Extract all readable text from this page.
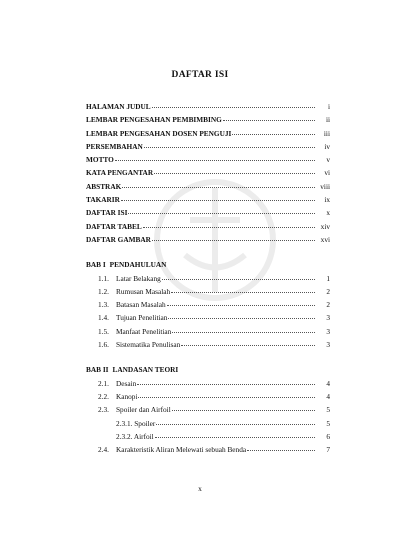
DAFTAR ISI
HALAMAN JUDUL	i
LEMBAR PENGESAHAN PEMBIMBING	ii
LEMBAR PENGESAHAN DOSEN PENGUJI	iii
PERSEMBAHAN	iv
MOTTO	v
KATA PENGANTAR	vi
ABSTRAK	viii
TAKARIR	ix
DAFTAR ISI	x
DAFTAR TABEL	xiv
DAFTAR GAMBAR	xvi
BAB I PENDAHULUAN
1.1. Latar Belakang	1
1.2. Rumusan Masalah	2
1.3. Batasan Masalah	2
1.4. Tujuan Penelitian	3
1.5. Manfaat Penelitian	3
1.6. Sistematika Penulisan	3
BAB II LANDASAN TEORI
2.1. Desain	4
2.2. Kanopi	4
2.3. Spoiler dan Airfoil	5
2.3.1. Spoiler	5
2.3.2. Airfoil	6
2.4. Karakteristik Aliran Melewati sebuah Benda	7
x
